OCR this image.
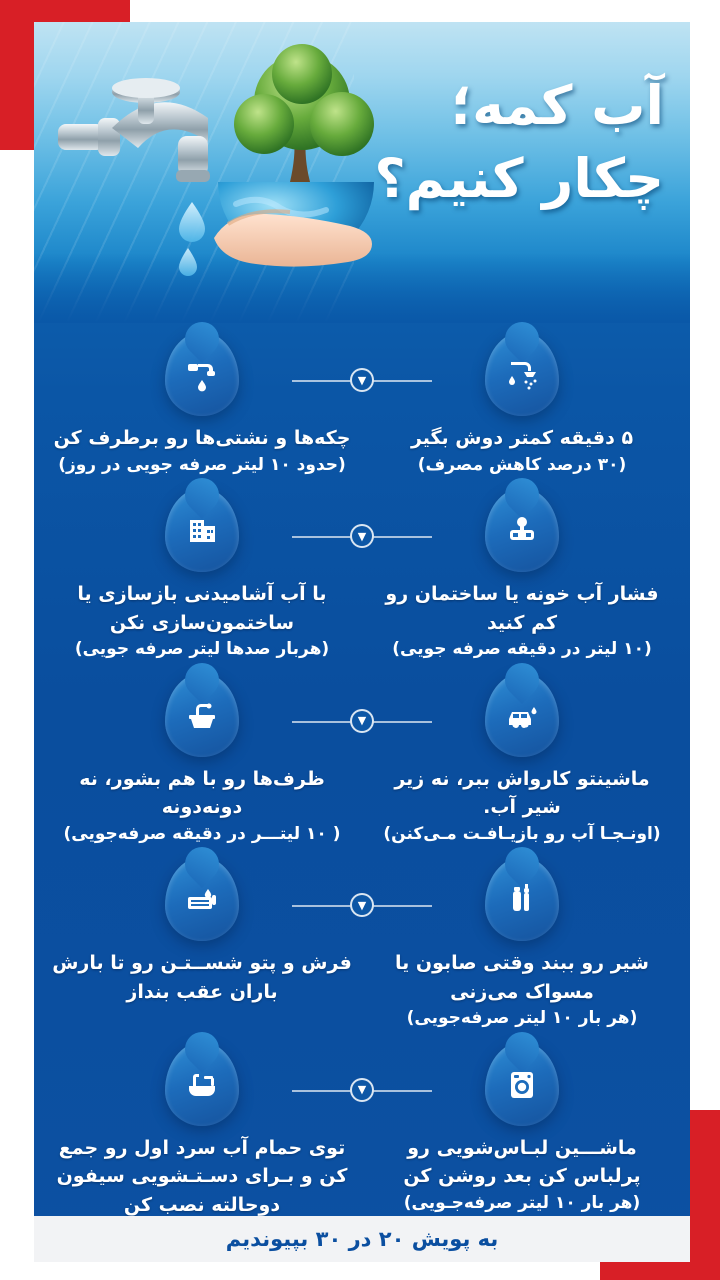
آب کمه؛
چکار کنیم؟
۵ دقیقه کمتر دوش بگیر
(۳۰ درصد کاهش مصرف)
▼
چکه‌ها و نشتی‌ها رو برطرف کن
(حدود ۱۰ لیتر صرفه جویی در روز)
فشار آب خونه یا ساختمان رو کم کنید
(۱۰ لیتر در دقیقه صرفه جویی)
▼
با آب آشامیدنی بازسازی یا ساختمون‌سازی نکن
(هربار صدها لیتر صرفه جویی)
ماشینتو کارواش ببر، نه زیر شیر آب.
(اونـجـا آب رو بازیـافـت مـی‌کنن)
▼
ظرف‌ها رو با هم بشور، نه دونه‌دونه
( ۱۰ لیتـــر در دقیقه صرفه‌جویی)
شیر رو ببند وقتی صابون یا مسواک می‌زنی
(هر بار ۱۰ لیتر صرفه‌جویی)
▼
فرش و پتو شســتـن رو تا بارش باران عقب بنداز
ماشـــین لبـاس‌شویی رو پرلباس کن بعد روشن کن
(هر بار ۱۰ لیتر صرفه‌جـویی)
▼
توی حمام آب سرد اول رو جمع کن و بـرای دسـتـشویی سیفون دوحالته نصب کن
به پویش ۲۰ در ۳۰ بپیوندیم
